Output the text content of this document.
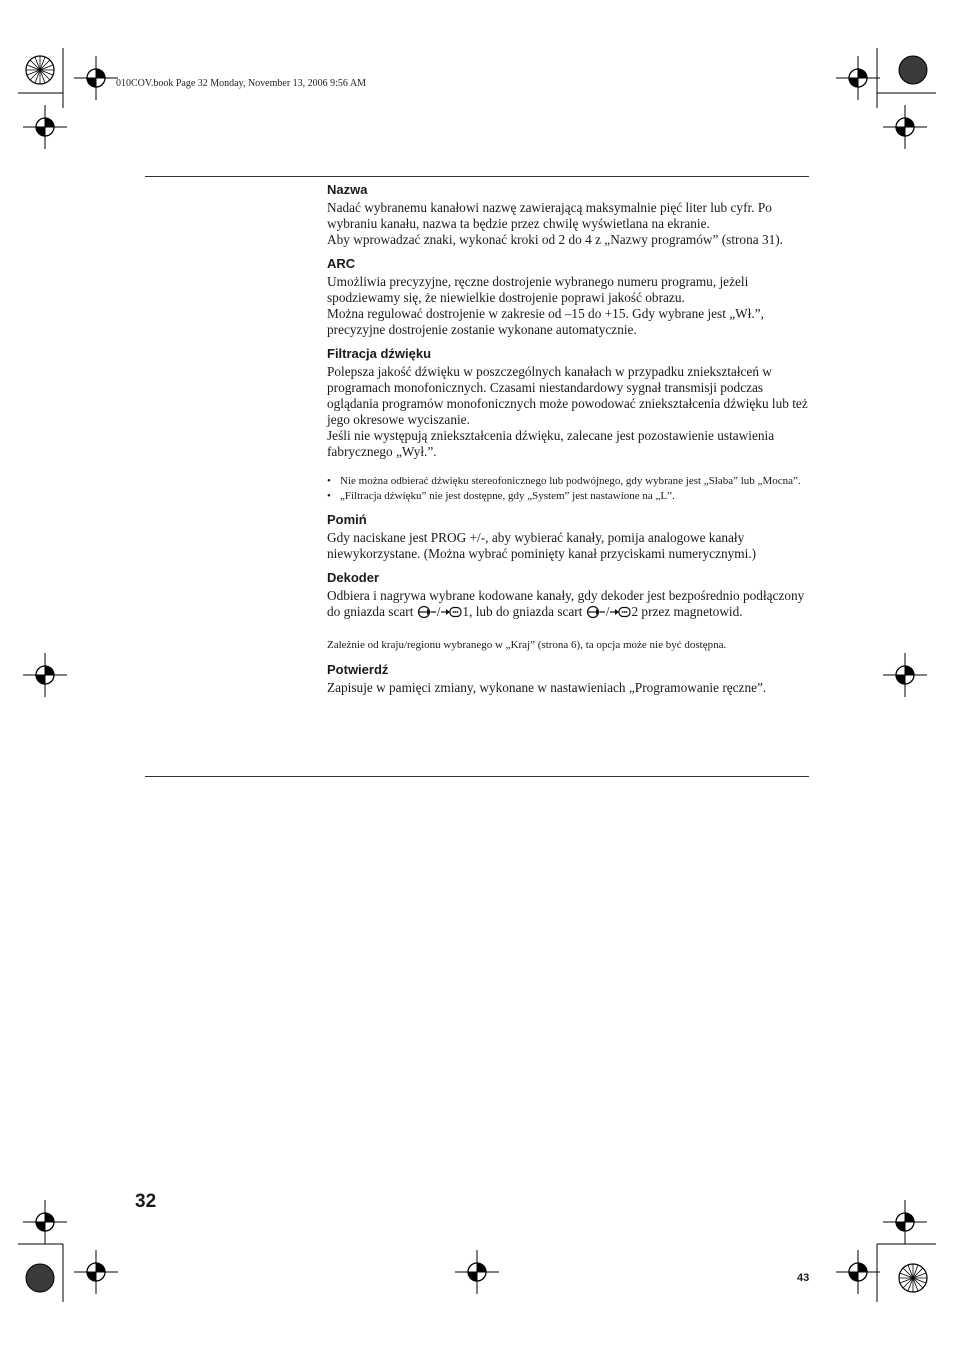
010COV.book Page 32 Monday, November 13, 2006 9:56 AM
Nazwa

Nadać wybranemu kanałowi nazwę zawierającą maksymalnie pięć liter lub cyfr. Po wybraniu kanału, nazwa ta będzie przez chwilę wyświetlana na ekranie.

Aby wprowadzać znaki, wykonać kroki od 2 do 4 z „Nazwy programów” (strona 31).

ARC

Umożliwia precyzyjne, ręczne dostrojenie wybranego numeru programu, jeżeli spodziewamy się, że niewielkie dostrojenie poprawi jakość obrazu.

Można regulować dostrojenie w zakresie od –15 do +15. Gdy wybrane jest „Wł.”, precyzyjne dostrojenie zostanie wykonane automatycznie.

Filtracja dźwięku

Polepsza jakość dźwięku w poszczególnych kanałach w przypadku zniekształceń w programach monofonicznych. Czasami niestandardowy sygnał transmisji podczas oglądania programów monofonicznych może powodować zniekształcenia dźwięku lub też jego okresowe wyciszanie.

Jeśli nie występują zniekształcenia dźwięku, zalecane jest pozostawienie ustawienia fabrycznego „Wył.”.

• Nie można odbierać dźwięku stereofonicznego lub podwójnego, gdy wybrane jest „Słaba” lub „Mocna”.
• „Filtracja dźwięku” nie jest dostępne, gdy „System” jest nastawione na „L”.
Pomiń

Gdy naciskane jest PROG +/-, aby wybierać kanały, pomija analogowe kanały niewykorzystane. (Można wybrać pominięty kanał przyciskami numerycznymi.)

Dekoder

Odbiera i nagrywa wybrane kodowane kanały, gdy dekoder jest bezpośrednio podłączony do gniazda scart / 1, lub do gniazda scart / 2 przez magnetowid.

Zależnie od kraju/regionu wybranego w „Kraj” (strona 6), ta opcja może nie być dostępna.

Potwierdź

Zapisuje w pamięci zmiany, wykonane w nastawieniach „Programowanie ręczne”.

32
43
